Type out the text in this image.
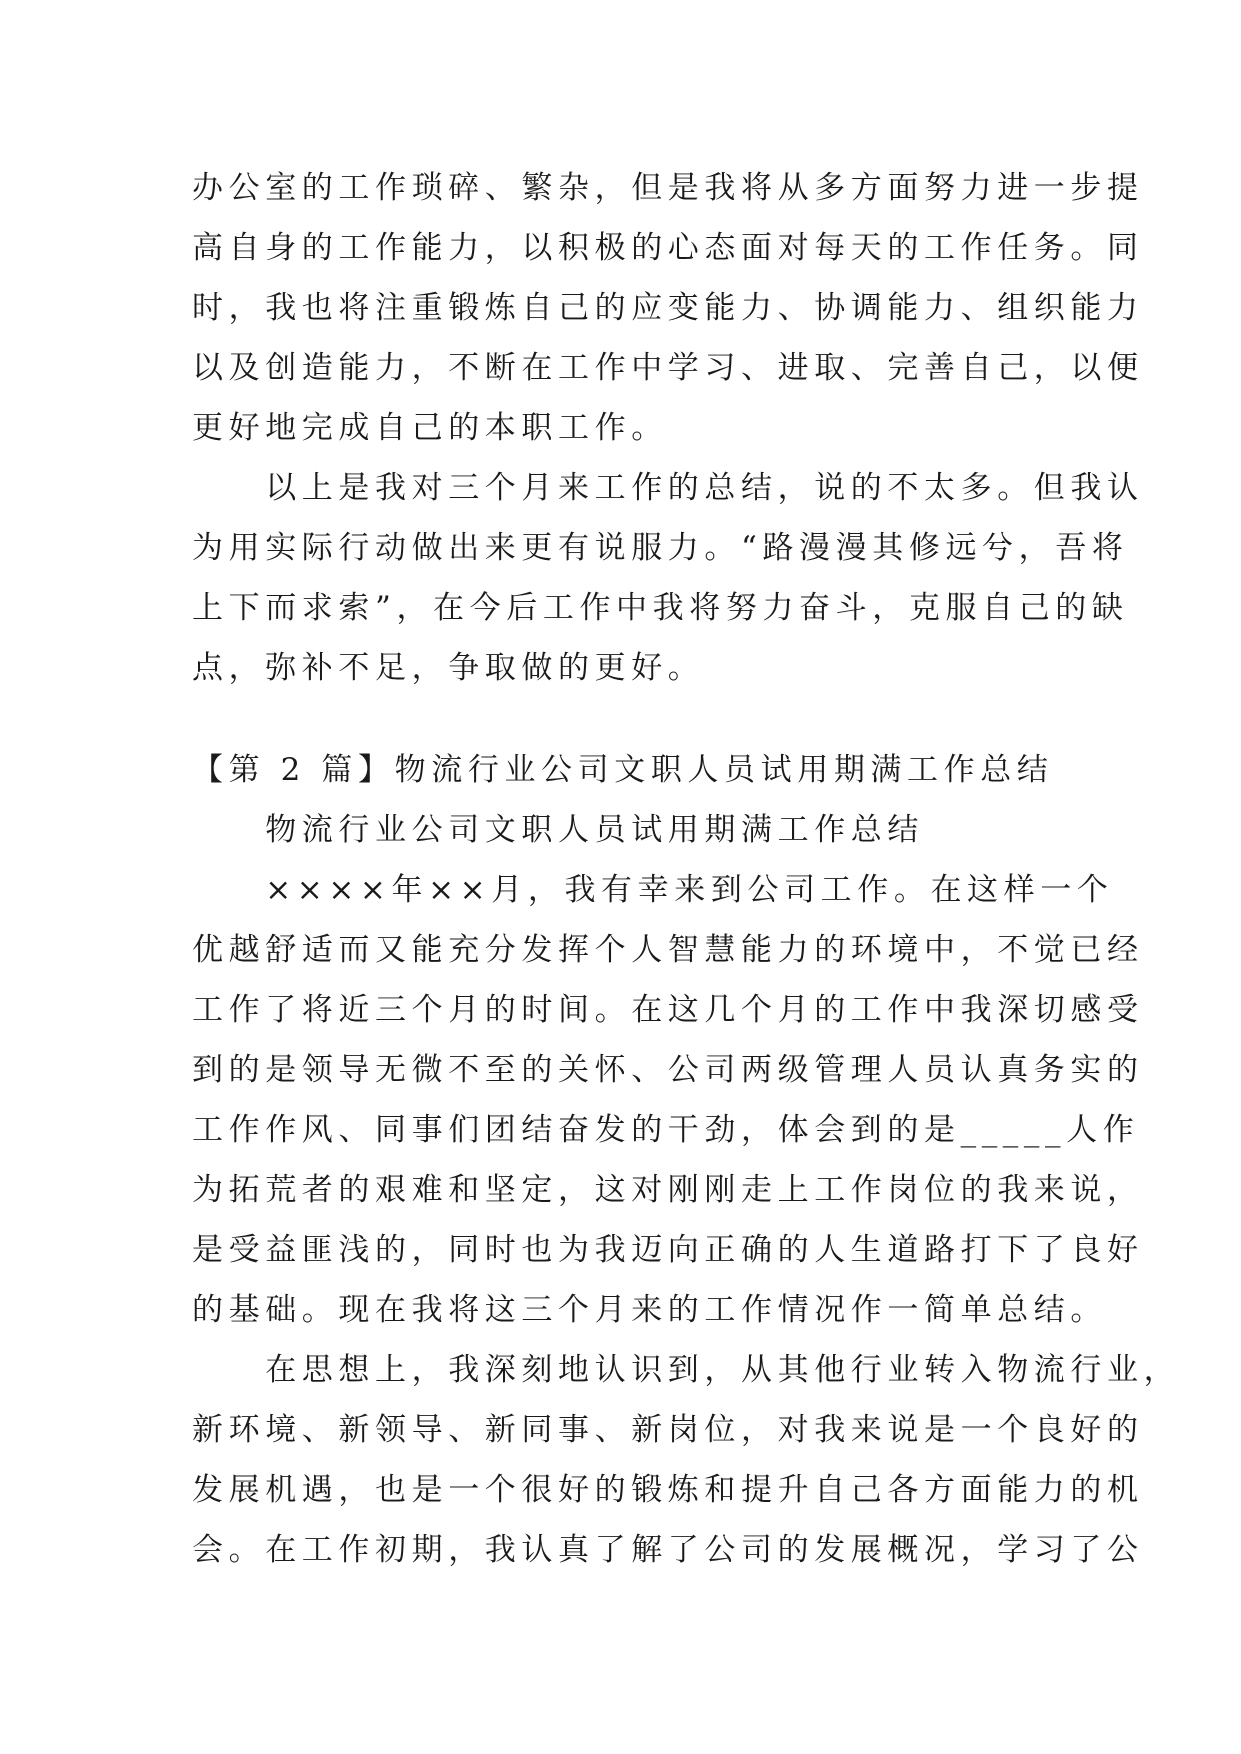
办公室的工作琐碎、繁杂，但是我将从多方面努力进一步提
高自身的工作能力，以积极的心态面对每天的工作任务。同
时，我也将注重锻炼自己的应变能力、协调能力、组织能力
以及创造能力，不断在工作中学习、进取、完善自己，以便
更好地完成自己的本职工作。
　　以上是我对三个月来工作的总结，说的不太多。但我认
为用实际行动做出来更有说服力。“路漫漫其修远兮，吾将
上下而求索”，在今后工作中我将努力奋斗，克服自己的缺
点，弥补不足，争取做的更好。
【第 2 篇】物流行业公司文职人员试用期满工作总结
　　物流行业公司文职人员试用期满工作总结
　　××××年××月，我有幸来到公司工作。在这样一个
优越舒适而又能充分发挥个人智慧能力的环境中，不觉已经
工作了将近三个月的时间。在这几个月的工作中我深切感受
到的是领导无微不至的关怀、公司两级管理人员认真务实的
工作作风、同事们团结奋发的干劲，体会到的是_____人作
为拓荒者的艰难和坚定，这对刚刚走上工作岗位的我来说，
是受益匪浅的，同时也为我迈向正确的人生道路打下了良好
的基础。现在我将这三个月来的工作情况作一简单总结。
　　在思想上，我深刻地认识到，从其他行业转入物流行业，
新环境、新领导、新同事、新岗位，对我来说是一个良好的
发展机遇，也是一个很好的锻炼和提升自己各方面能力的机
会。在工作初期，我认真了解了公司的发展概况，学习了公
